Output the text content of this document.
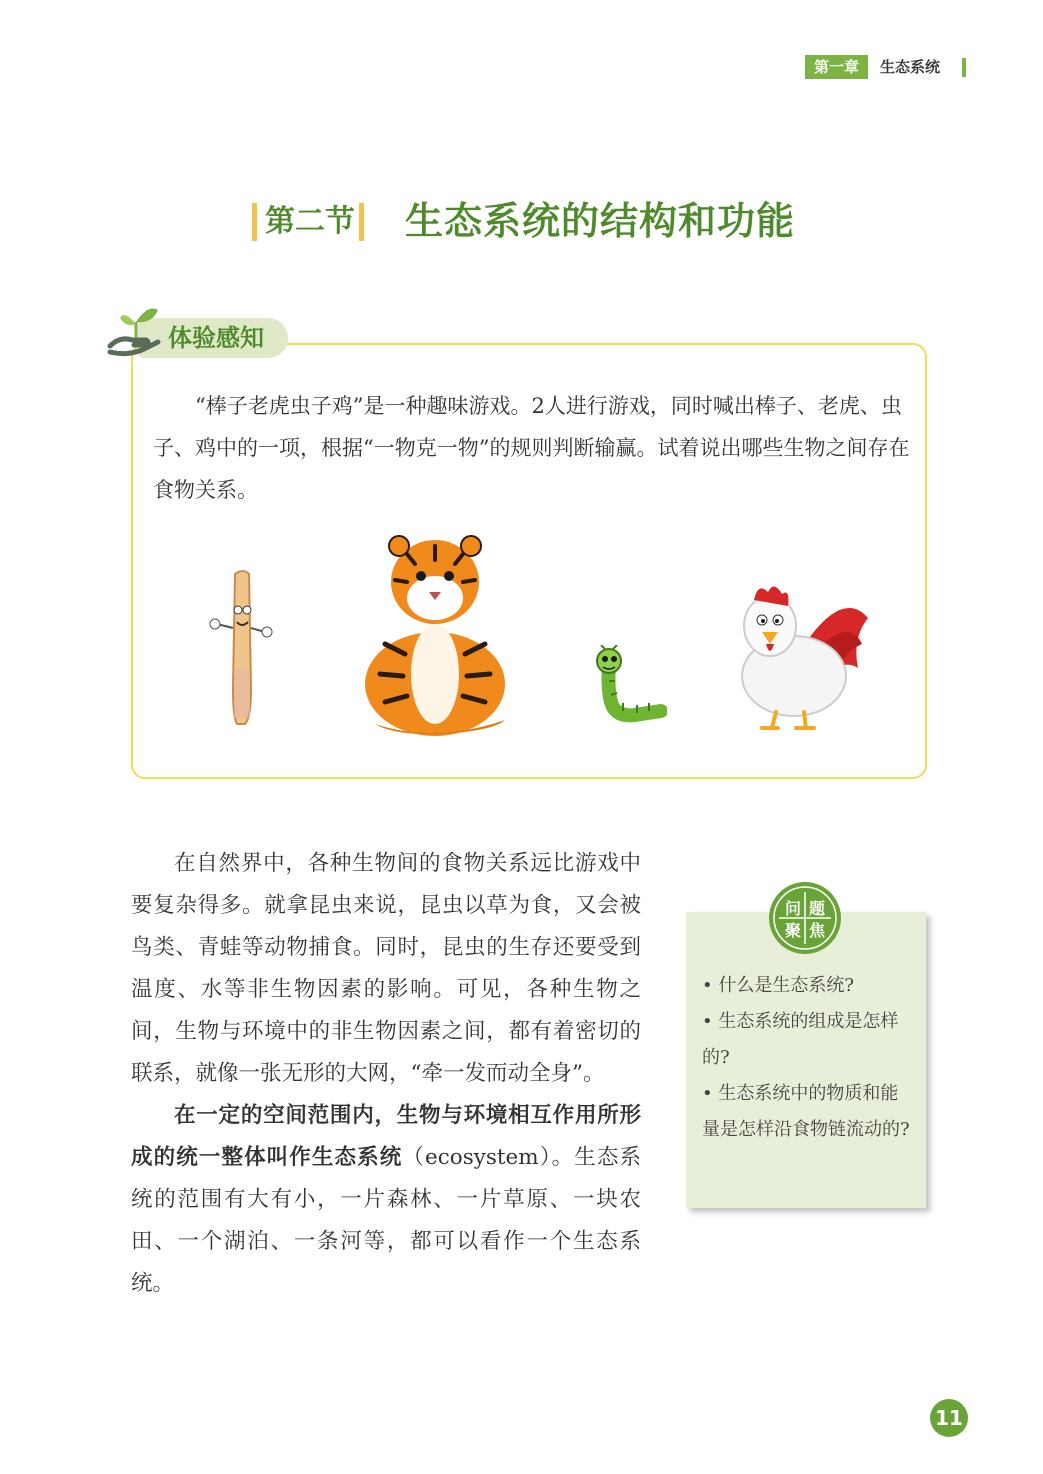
第一章	生态系统
第二节 生态系统的结构和功能
体验感知

“棒子老虎虫子鸡”是一种趣味游戏。2人进行游戏，同时喊出棒子、老虎、虫子、鸡中的一项，根据“一物克一物”的规则判断输赢。试着说出哪些生物之间存在食物关系。

在自然界中，各种生物间的食物关系远比游戏中要复杂得多。就拿昆虫来说，昆虫以草为食，又会被鸟类、青蛙等动物捕食。同时，昆虫的生存还要受到温度、水等非生物因素的影响。可见，各种生物之间，生物与环境中的非生物因素之间，都有着密切的联系，就像一张无形的大网，“牵一发而动全身”。

在一定的空间范围内，生物与环境相互作用所形成的统一整体叫作生态系统（ecosystem）。生态系统的范围有大有小，一片森林、一片草原、一块农田、一个湖泊、一条河等，都可以看作一个生态系统。

问 题
聚 焦
• 什么是生态系统?
• 生态系统的组成是怎样的?
• 生态系统中的物质和能量是怎样沿食物链流动的?
11
